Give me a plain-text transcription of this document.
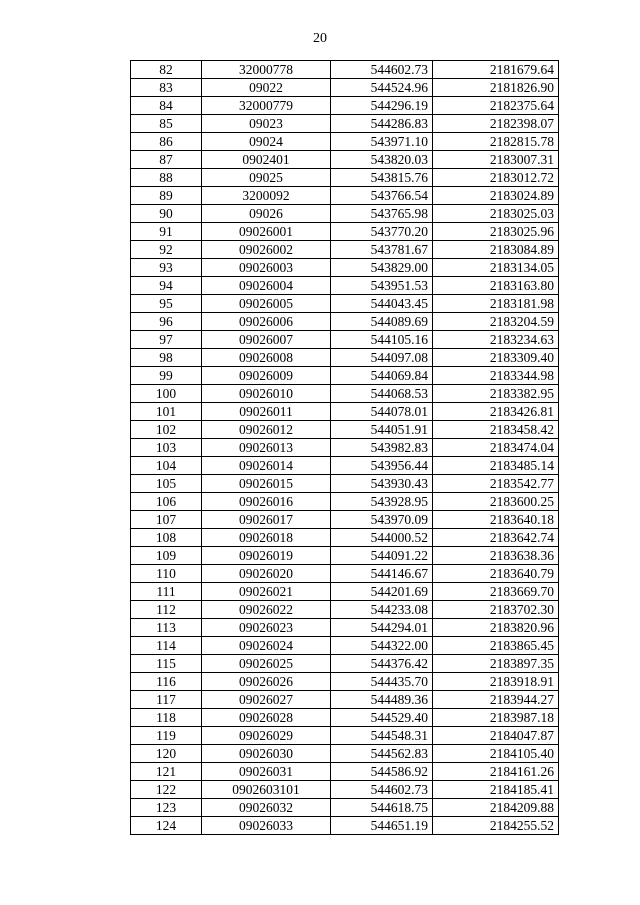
20
82	32000778	544602.73	2181679.64
83	09022	544524.96	2181826.90
84	32000779	544296.19	2182375.64
85	09023	544286.83	2182398.07
86	09024	543971.10	2182815.78
87	0902401	543820.03	2183007.31
88	09025	543815.76	2183012.72
89	3200092	543766.54	2183024.89
90	09026	543765.98	2183025.03
91	09026001	543770.20	2183025.96
92	09026002	543781.67	2183084.89
93	09026003	543829.00	2183134.05
94	09026004	543951.53	2183163.80
95	09026005	544043.45	2183181.98
96	09026006	544089.69	2183204.59
97	09026007	544105.16	2183234.63
98	09026008	544097.08	2183309.40
99	09026009	544069.84	2183344.98
100	09026010	544068.53	2183382.95
101	09026011	544078.01	2183426.81
102	09026012	544051.91	2183458.42
103	09026013	543982.83	2183474.04
104	09026014	543956.44	2183485.14
105	09026015	543930.43	2183542.77
106	09026016	543928.95	2183600.25
107	09026017	543970.09	2183640.18
108	09026018	544000.52	2183642.74
109	09026019	544091.22	2183638.36
110	09026020	544146.67	2183640.79
111	09026021	544201.69	2183669.70
112	09026022	544233.08	2183702.30
113	09026023	544294.01	2183820.96
114	09026024	544322.00	2183865.45
115	09026025	544376.42	2183897.35
116	09026026	544435.70	2183918.91
117	09026027	544489.36	2183944.27
118	09026028	544529.40	2183987.18
119	09026029	544548.31	2184047.87
120	09026030	544562.83	2184105.40
121	09026031	544586.92	2184161.26
122	0902603101	544602.73	2184185.41
123	09026032	544618.75	2184209.88
124	09026033	544651.19	2184255.52
